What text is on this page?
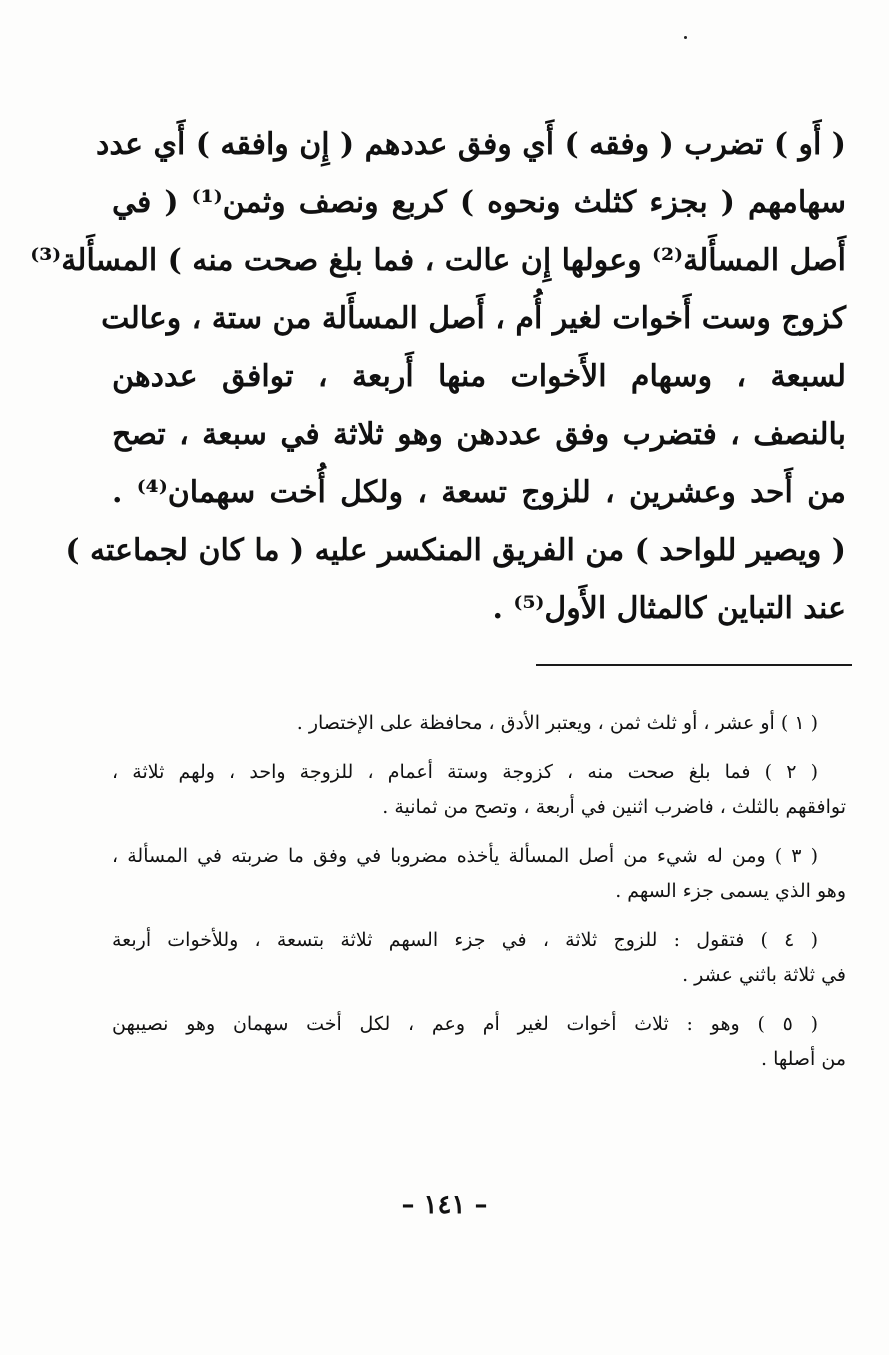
( أَو ) تضرب ( وفقه ) أَي وفق عددهم ( إِن وافقه ) أَي عدد
سهامهم ( بجزء كثلث ونحوه ) كربع ونصف وثمن⁽¹⁾ ( في
أَصل المسأَلة⁽²⁾ وعولها إِن عالت ، فما بلغ صحت منه ) المسأَلة⁽³⁾
كزوج وست أَخوات لغير أُم ، أَصل المسأَلة من ستة ، وعالت
لسبعة ، وسهام الأَخوات منها أَربعة ، توافق عددهن
بالنصف ، فتضرب وفق عددهن وهو ثلاثة في سبعة ، تصح
من أَحد وعشرين ، للزوج تسعة ، ولكل أُخت سهمان⁽⁴⁾ .
( ويصير للواحد ) من الفريق المنكسر عليه ( ما كان لجماعته )
عند التباين كالمثال الأَول⁽⁵⁾ .
( ١ ) أو عشر ، أو ثلث ثمن ، ويعتبر الأدق ، محافظة على الإختصار .
( ٢ ) فما بلغ صحت منه ، كزوجة وستة أعمام ، للزوجة واحد ، ولهم ثلاثة ،
توافقهم بالثلث ، فاضرب اثنين في أربعة ، وتصح من ثمانية .
( ٣ ) ومن له شيء من أصل المسألة يأخذه مضروبا في وفق ما ضربته في المسألة ،
وهو الذي يسمى جزء السهم .
( ٤ ) فتقول : للزوج ثلاثة ، في جزء السهم ثلاثة بتسعة ، وللأخوات أربعة
في ثلاثة باثني عشر .
( ٥ ) وهو : ثلاث أخوات لغير أم وعم ، لكل أخت سهمان وهو نصيبهن
من أصلها .
– ١٤١ –
